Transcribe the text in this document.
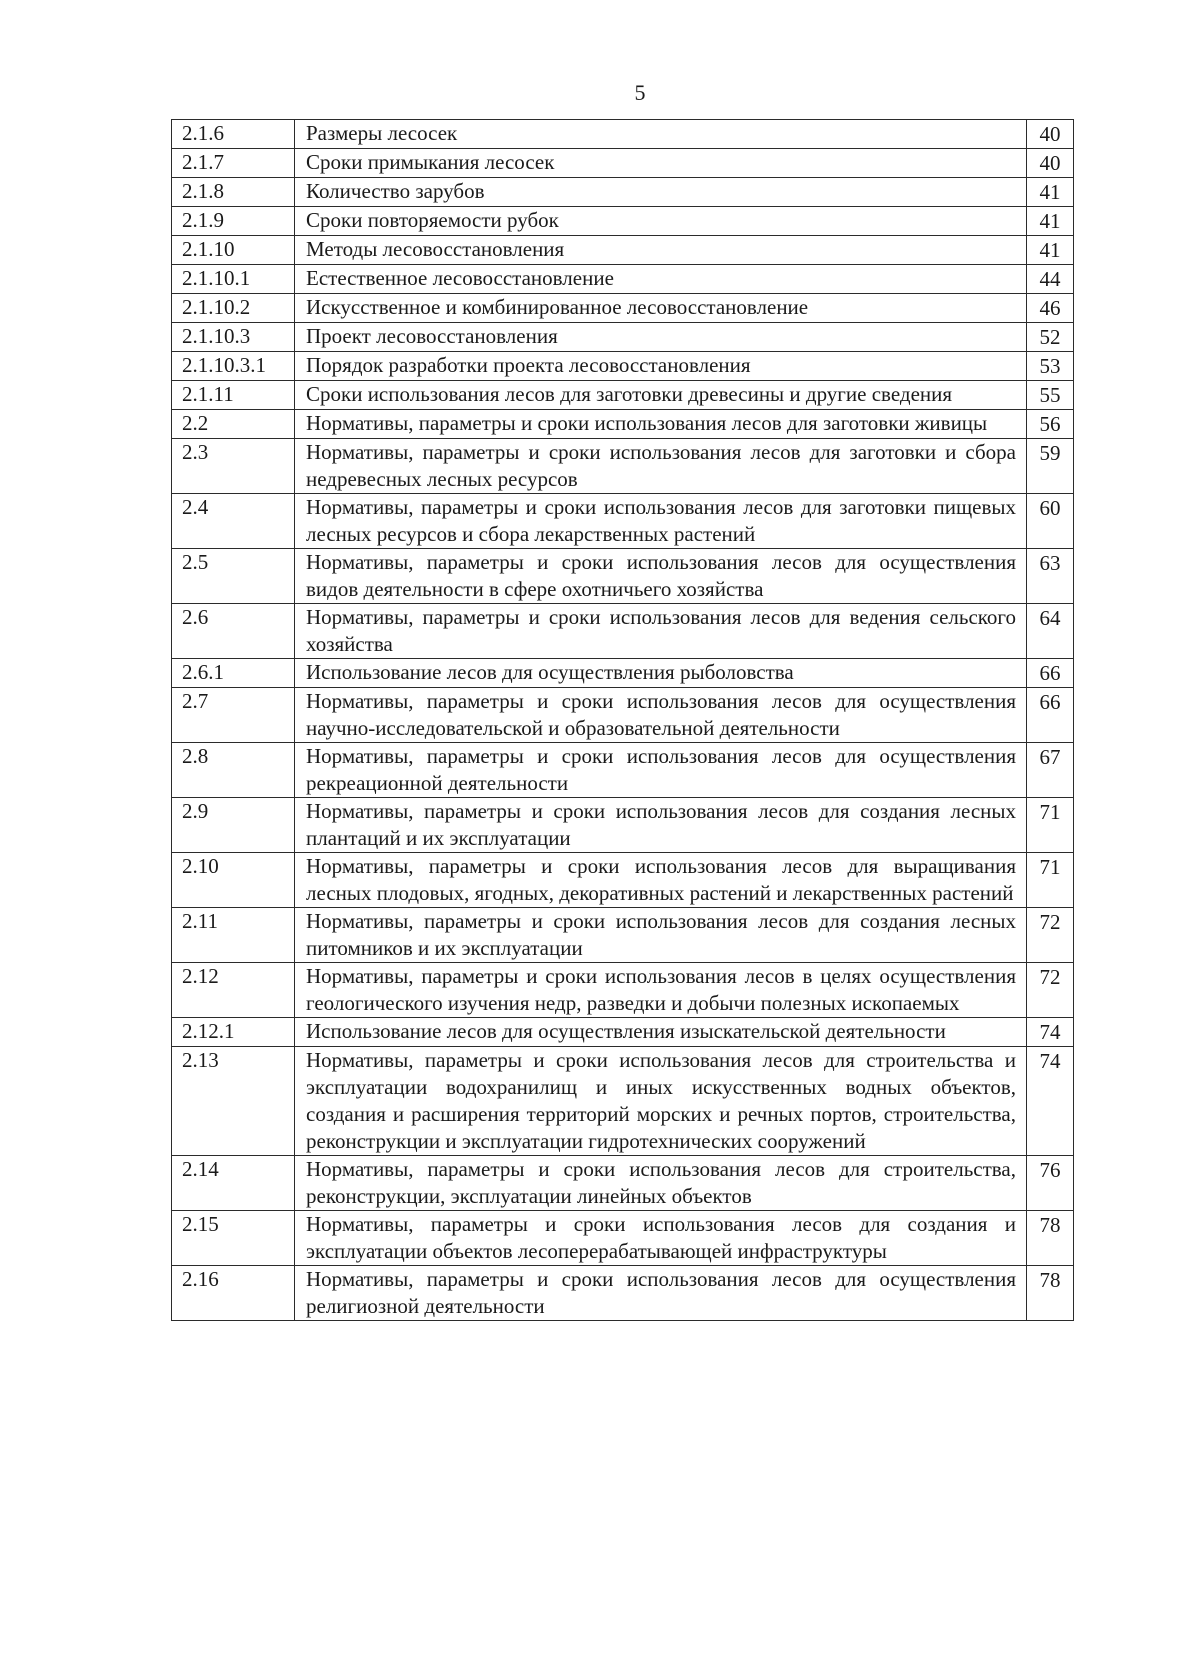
5
2.1.6	Размеры лесосек	40
2.1.7	Сроки примыкания лесосек	40
2.1.8	Количество зарубов	41
2.1.9	Сроки повторяемости рубок	41
2.1.10	Методы лесовосстановления	41
2.1.10.1	Естественное лесовосстановление	44
2.1.10.2	Искусственное и комбинированное лесовосстановление	46
2.1.10.3	Проект лесовосстановления	52
2.1.10.3.1	Порядок разработки проекта лесовосстановления	53
2.1.11	Сроки использования лесов для заготовки древесины и другие сведения	55
2.2	Нормативы, параметры и сроки использования лесов для заготовки живицы	56
2.3	Нормативы, параметры и сроки использования лесов для заготовки и сбора недревесных лесных ресурсов	59
2.4	Нормативы, параметры и сроки использования лесов для заготовки пищевых лесных ресурсов и сбора лекарственных растений	60
2.5	Нормативы, параметры и сроки использования лесов для осуществления видов деятельности в сфере охотничьего хозяйства	63
2.6	Нормативы, параметры и сроки использования лесов для ведения сельского хозяйства	64
2.6.1	Использование лесов для осуществления рыболовства	66
2.7	Нормативы, параметры и сроки использования лесов для осуществления научно-исследовательской и образовательной деятельности	66
2.8	Нормативы, параметры и сроки использования лесов для осуществления рекреационной деятельности	67
2.9	Нормативы, параметры и сроки использования лесов для создания лесных плантаций и их эксплуатации	71
2.10	Нормативы, параметры и сроки использования лесов для выращивания лесных плодовых, ягодных, декоративных растений и лекарственных растений	71
2.11	Нормативы, параметры и сроки использования лесов для создания лесных питомников и их эксплуатации	72
2.12	Нормативы, параметры и сроки использования лесов в целях осуществления геологического изучения недр, разведки и добычи полезных ископаемых	72
2.12.1	Использование лесов для осуществления изыскательской деятельности	74
2.13	Нормативы, параметры и сроки использования лесов для строительства и эксплуатации водохранилищ и иных искусственных водных объектов, создания и расширения территорий морских и речных портов, строительства, реконструкции и эксплуатации гидротехнических сооружений	74
2.14	Нормативы, параметры и сроки использования лесов для строительства, реконструкции, эксплуатации линейных объектов	76
2.15	Нормативы, параметры и сроки использования лесов для создания и эксплуатации объектов лесоперерабатывающей инфраструктуры	78
2.16	Нормативы, параметры и сроки использования лесов для осуществления религиозной деятельности	78
